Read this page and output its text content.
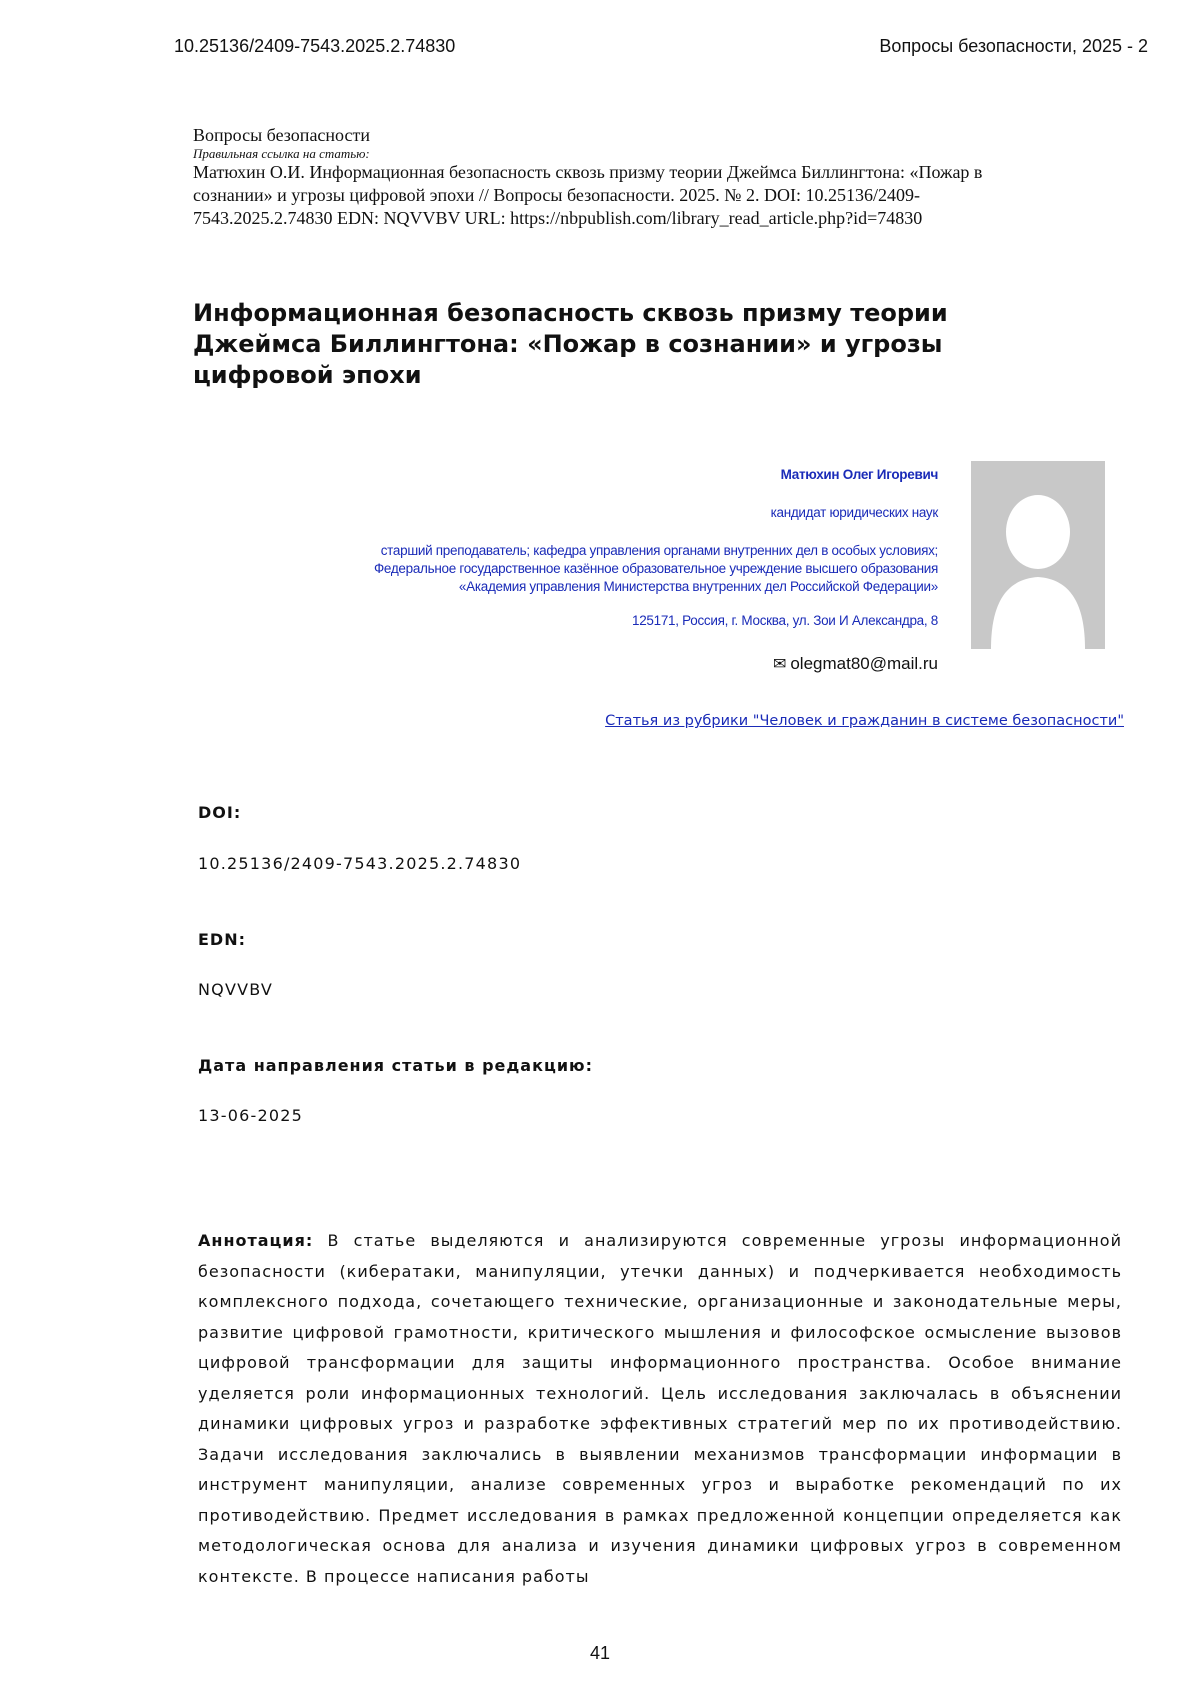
10.25136/2409-7543.2025.2.74830	Вопросы безопасности, 2025 - 2
Вопросы безопасности
Правильная ссылка на статью:
Матюхин О.И. Информационная безопасность сквозь призму теории Джеймса Биллингтона: «Пожар в
сознании» и угрозы цифровой эпохи // Вопросы безопасности. 2025. № 2. DOI: 10.25136/2409-
7543.2025.2.74830 EDN: NQVVBV URL: https://nbpublish.com/library_read_article.php?id=74830
Информационная безопасность сквозь призму теории
Джеймса Биллингтона: «Пожар в сознании» и угрозы
цифровой эпохи
Матюхин Олег Игоревич
кандидат юридических наук
старший преподаватель; кафедра управления органами внутренних дел в особых условиях;
Федеральное государственное казённое образовательное учреждение высшего образования
«Академия управления Министерства внутренних дел Российской Федерации»
125171, Россия, г. Москва, ул. Зои И Александра, 8
✉ olegmat80@mail.ru
Статья из рубрики "Человек и гражданин в системе безопасности"
DOI:
10.25136/2409-7543.2025.2.74830
EDN:
NQVVBV
Дата направления статьи в редакцию:
13-06-2025
Аннотация: В статье выделяются и анализируются современные угрозы информационной безопасности (кибератаки, манипуляции, утечки данных) и подчеркивается необходимость комплексного подхода, сочетающего технические, организационные и законодательные меры, развитие цифровой грамотности, критического мышления и философское осмысление вызовов цифровой трансформации для защиты информационного пространства. Особое внимание уделяется роли информационных технологий. Цель исследования заключалась в объяснении динамики цифровых угроз и разработке эффективных стратегий мер по их противодействию. Задачи исследования заключались в выявлении механизмов трансформации информации в инструмент манипуляции, анализе современных угроз и выработке рекомендаций по их противодействию. Предмет исследования в рамках предложенной концепции определяется как методологическая основа для анализа и изучения динамики цифровых угроз в современном контексте. В процессе написания работы
41
